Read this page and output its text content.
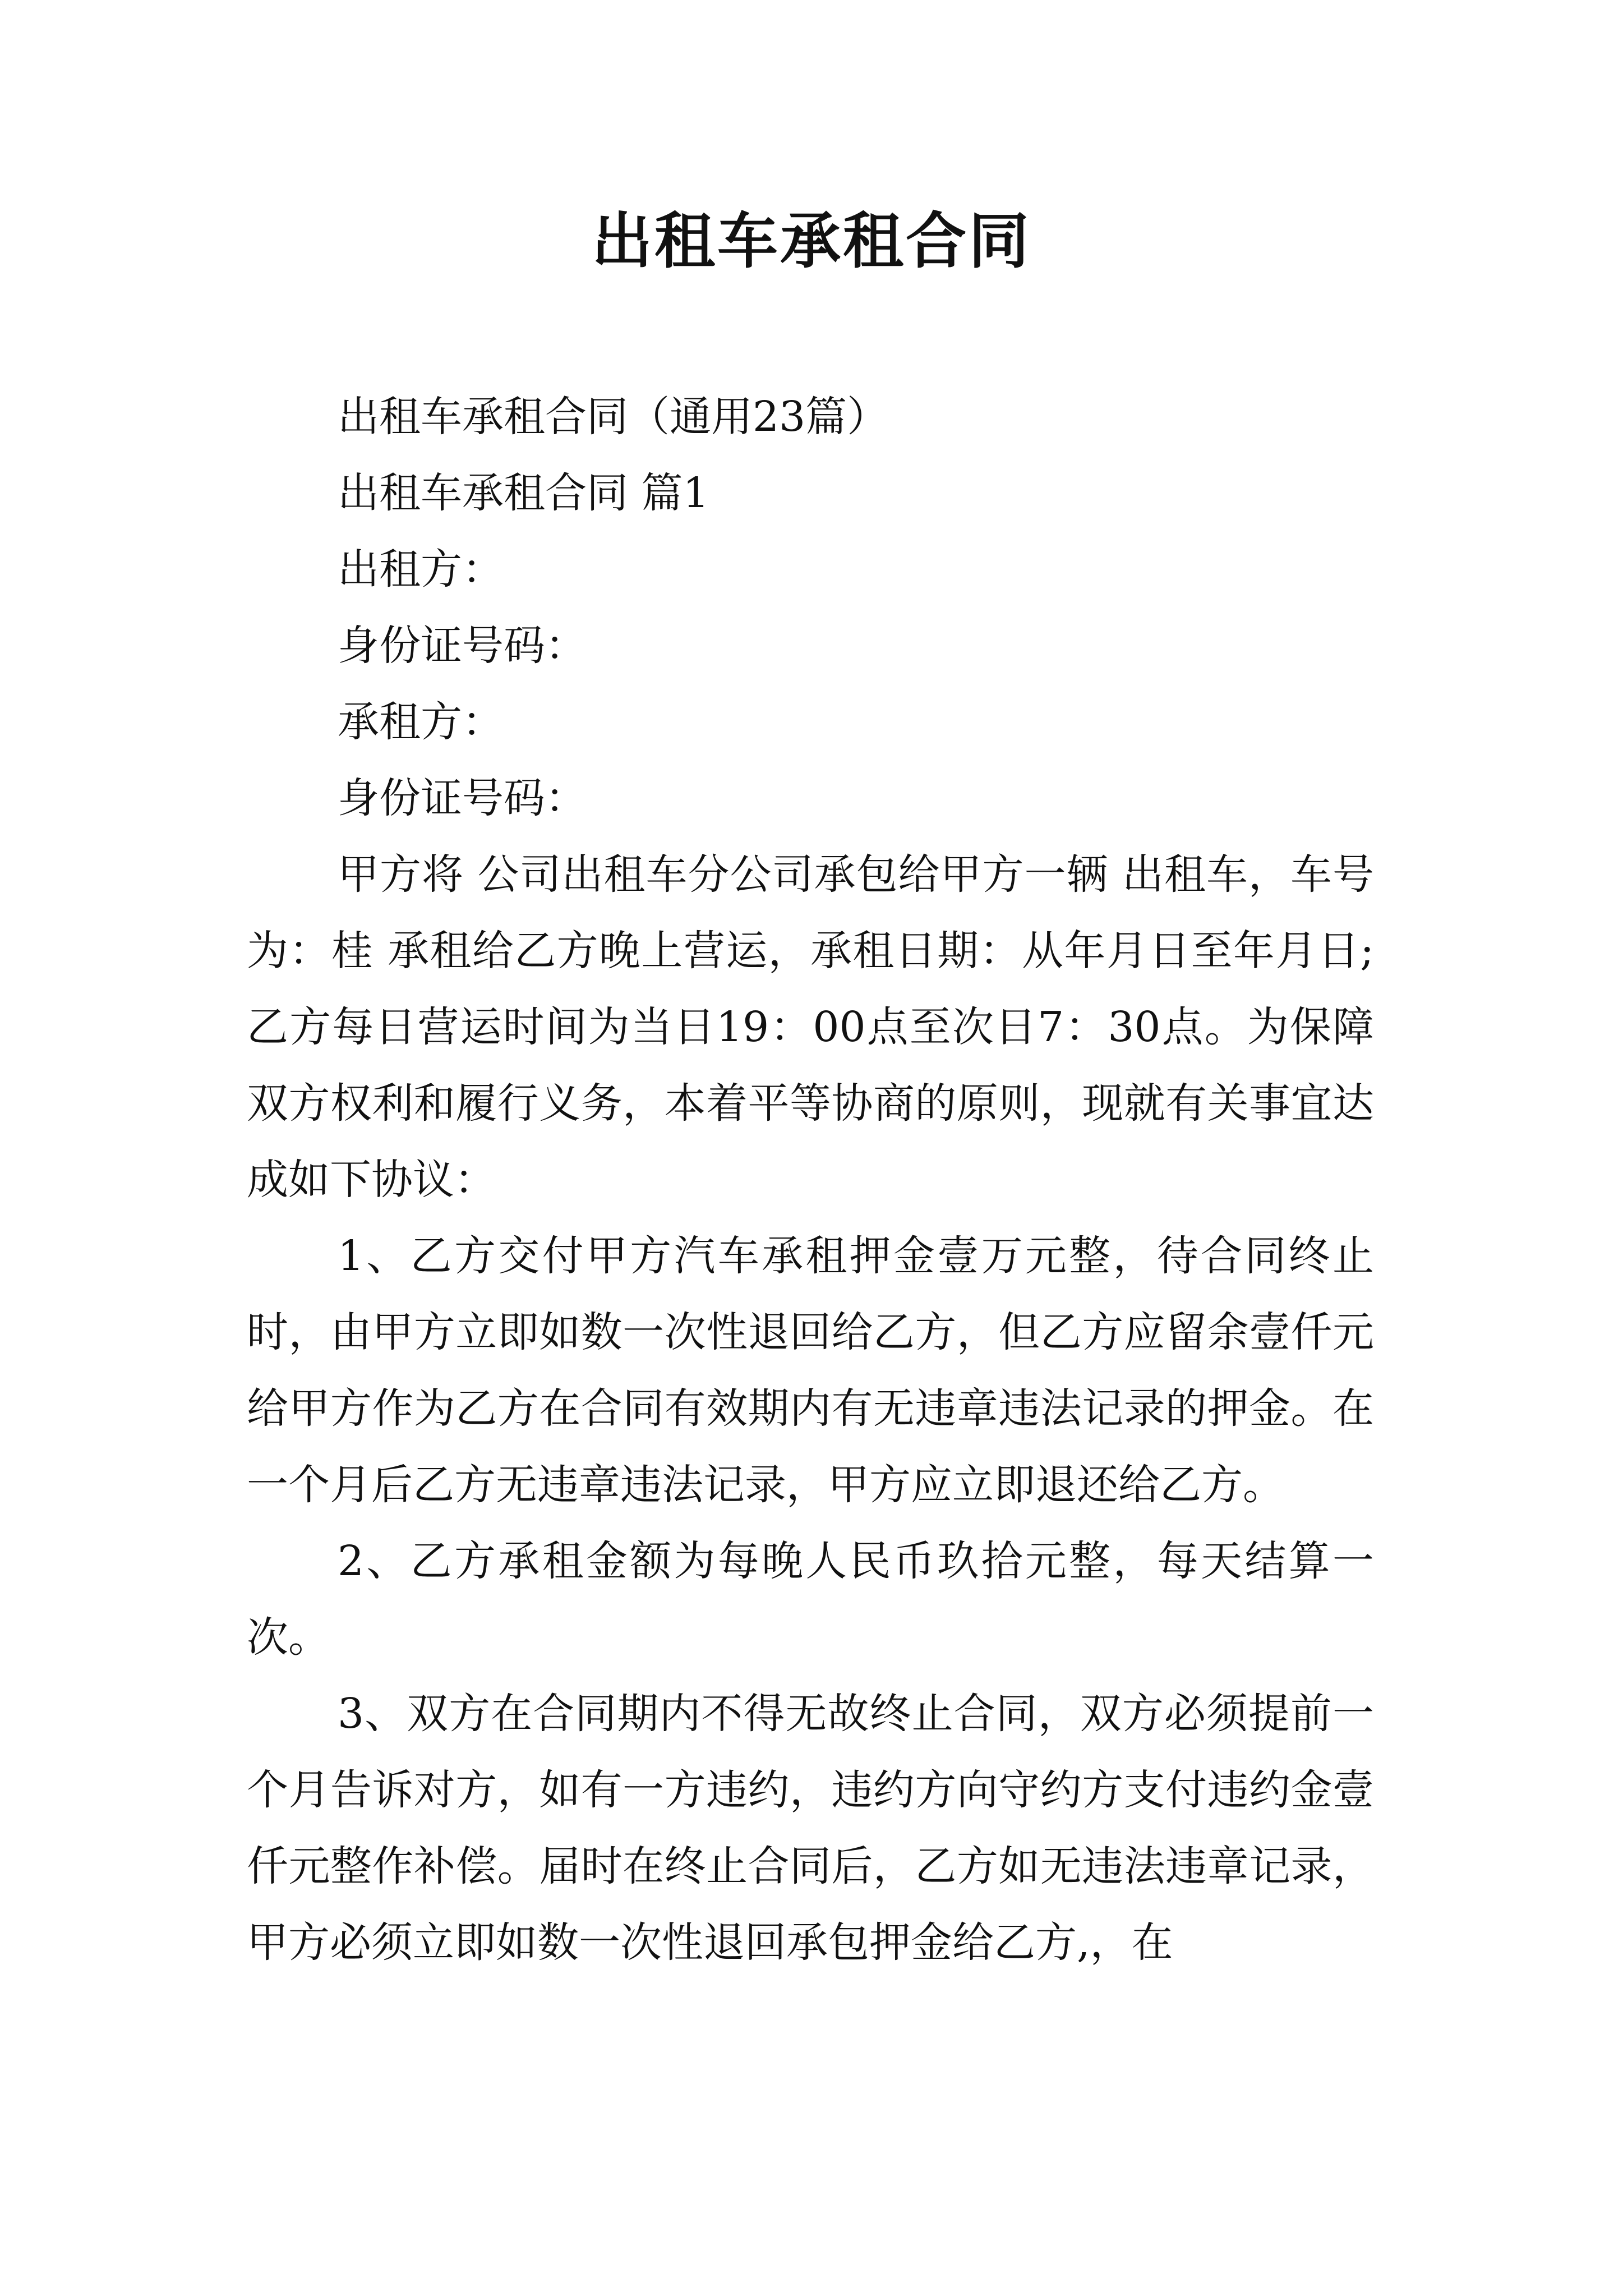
出租车承租合同

出租车承租合同（通用23篇）

出租车承租合同 篇1

出租方：

身份证号码：

承租方：

身份证号码：

甲方将 公司出租车分公司承包给甲方一辆 出租车，车号为：桂 承租给乙方晚上营运，承租日期：从年月日至年月日;乙方每日营运时间为当日19：00点至次日7：30点。为保障双方权利和履行义务，本着平等协商的原则，现就有关事宜达成如下协议：

1、乙方交付甲方汽车承租押金壹万元整，待合同终止时，由甲方立即如数一次性退回给乙方，但乙方应留余壹仟元给甲方作为乙方在合同有效期内有无违章违法记录的押金。在一个月后乙方无违章违法记录，甲方应立即退还给乙方。

2、乙方承租金额为每晚人民币玖拾元整，每天结算一次。

3、双方在合同期内不得无故终止合同，双方必须提前一个月告诉对方，如有一方违约，违约方向守约方支付违约金壹仟元整作补偿。届时在终止合同后，乙方如无违法违章记录，甲方必须立即如数一次性退回承包押金给乙方,，在
